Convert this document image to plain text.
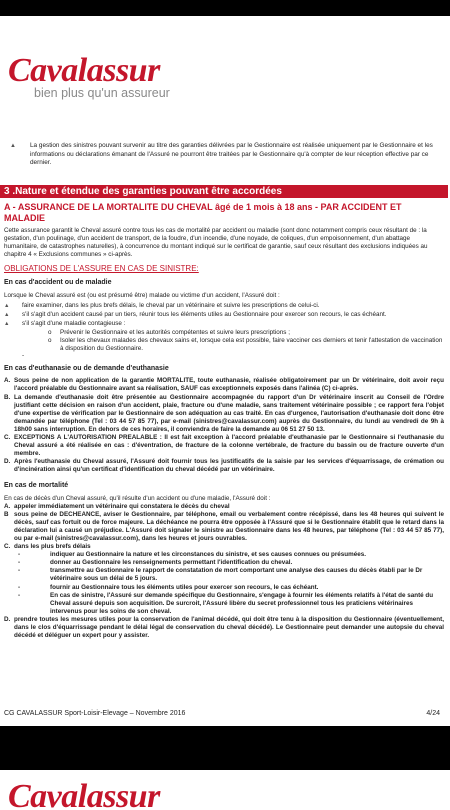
Cavalassur
bien plus qu'un assureur
▲ La gestion des sinistres pouvant survenir au titre des garanties délivrées par le Gestionnaire est réalisée uniquement par le Gestionnaire et les informations ou déclarations émanant de l'Assuré ne pourront être traitées par le Gestionnaire qu'à compter de leur réception effective par ce dernier.
3 .Nature et étendue des garanties pouvant être accordées
A - ASSURANCE DE LA MORTALITE DU CHEVAL âgé de 1 mois à 18 ans - PAR ACCIDENT ET MALADIE
Cette assurance garantit le Cheval assuré contre tous les cas de mortalité par accident ou maladie (sont donc notamment compris ceux résultant de : la gestation, d'un poulinage, d'un accident de transport, de la foudre, d'un incendie, d'une noyade, de coliques, d'un empoisonnement, d'un abattage humanitaire, de catastrophes naturelles), à concurrence du montant indiqué sur le certificat de garantie, sauf ceux résultant des exclusions indiquées au chapitre 4 « Exclusions communes » ci-après.
OBLIGATIONS DE L'ASSURE EN CAS DE SINISTRE:
En cas d'accident ou de maladie
Lorsque le Cheval assuré est (ou est présumé être) malade ou victime d'un accident, l'Assuré doit :
▲ faire examiner, dans les plus brefs délais, le cheval par un vétérinaire et suivre les prescriptions de celui-ci.
▲ s'il s'agit d'un accident causé par un tiers, réunir tous les éléments utiles au Gestionnaire pour exercer son recours, le cas échéant.
▲ s'il s'agit d'une maladie contagieuse :
o Prévenir le Gestionnaire et les autorités compétentes et suivre leurs prescriptions ;
o Isoler les chevaux malades des chevaux sains et, lorsque cela est possible, faire vacciner ces derniers et tenir l'attestation de vaccination à disposition du Gestionnaire.
-
En cas d'euthanasie ou de demande d'euthanasie
A. Sous peine de non application de la garantie MORTALITE, toute euthanasie, réalisée obligatoirement par un Dr vétérinaire, doit avoir reçu l'accord préalable du Gestionnaire avant sa réalisation, SAUF cas exceptionnels exposés dans l'alinéa (C) ci-après.
B. La demande d'euthanasie doit être présentée au Gestionnaire accompagnée du rapport d'un Dr vétérinaire inscrit au Conseil de l'Ordre justifiant cette décision en raison d'un accident, plaie, fracture ou d'une maladie, sans traitement vétérinaire possible ; ce rapport fera l'objet d'une expertise de vérification par le Gestionnaire de son adéquation au cas traité. En cas d'urgence, l'autorisation d'euthanasie doit donc être demandée par téléphone (Tel : 03 44 57 85 77), par e-mail (sinistres@cavalassur.com) auprès du Gestionnaire, du lundi au vendredi de 9h à 18h00 sans interruption. En dehors de ces horaires, il conviendra de faire la demande au 06 51 27 50 13.
C. EXCEPTIONS A L'AUTORISATION PREALABLE : Il est fait exception à l'accord préalable d'euthanasie par le Gestionnaire si l'euthanasie du Cheval assuré a été réalisée en cas : d'éventration, de fracture de la colonne vertébrale, de fracture du bassin ou de fracture ouverte d'un membre.
D. Après l'euthanasie du Cheval assuré, l'Assuré doit fournir tous les justificatifs de la saisie par les services d'équarrissage, de crémation ou d'incinération ainsi qu'un certificat d'identification du cheval décédé par un vétérinaire.
En cas de mortalité
En cas de décès d'un Cheval assuré, qu'il résulte d'un accident ou d'une maladie, l'Assuré doit :
A. appeler immédiatement un vétérinaire qui constatera le décès du cheval
B sous peine de DECHEANCE, aviser le Gestionnaire, par téléphone, email ou verbalement contre récépissé, dans les 48 heures qui suivent le décès, sauf cas fortuit ou de force majeure. La déchéance ne pourra être opposée à l'Assuré que si le Gestionnaire établit que le retard dans la déclaration lui a causé un préjudice. L'Assuré doit signaler le sinistre au Gestionnaire dans les 48 heures, par téléphone (Tel : 03 44 57 85 77), ou par e-mail (sinistres@cavalassur.com), dans les heures et jours ouvrables.
C. dans les plus brefs délais
-	indiquer au Gestionnaire la nature et les circonstances du sinistre, et ses causes connues ou présumées.
-	donner au Gestionnaire les renseignements permettant l'identification du cheval.
-	transmettre au Gestionnaire le rapport de constatation de mort comportant une analyse des causes du décès établi par le Dr vétérinaire sous un délai de 5 jours.
-	fournir au Gestionnaire tous les éléments utiles pour exercer son recours, le cas échéant.
-	En cas de sinistre, l'Assuré sur demande spécifique du Gestionnaire, s'engage à fournir les éléments relatifs à l'état de santé du Cheval assuré depuis son acquisition. De surcroit, l'Assuré libère du secret professionnel tous les praticiens vétérinaires intervenus pour les soins de son cheval.
D. prendre toutes les mesures utiles pour la conservation de l'animal décédé, qui doit être tenu à la disposition du Gestionnaire (éventuellement, dans le clos d'équarrissage pendant le délai légal de conservation du cheval décédé). Le Gestionnaire peut demander une autopsie du cheval décédé et déléguer un expert pour y assister.
CG CAVALASSUR Sport-Loisir-Elevage – Novembre 2016	4/24
Cavalassur
